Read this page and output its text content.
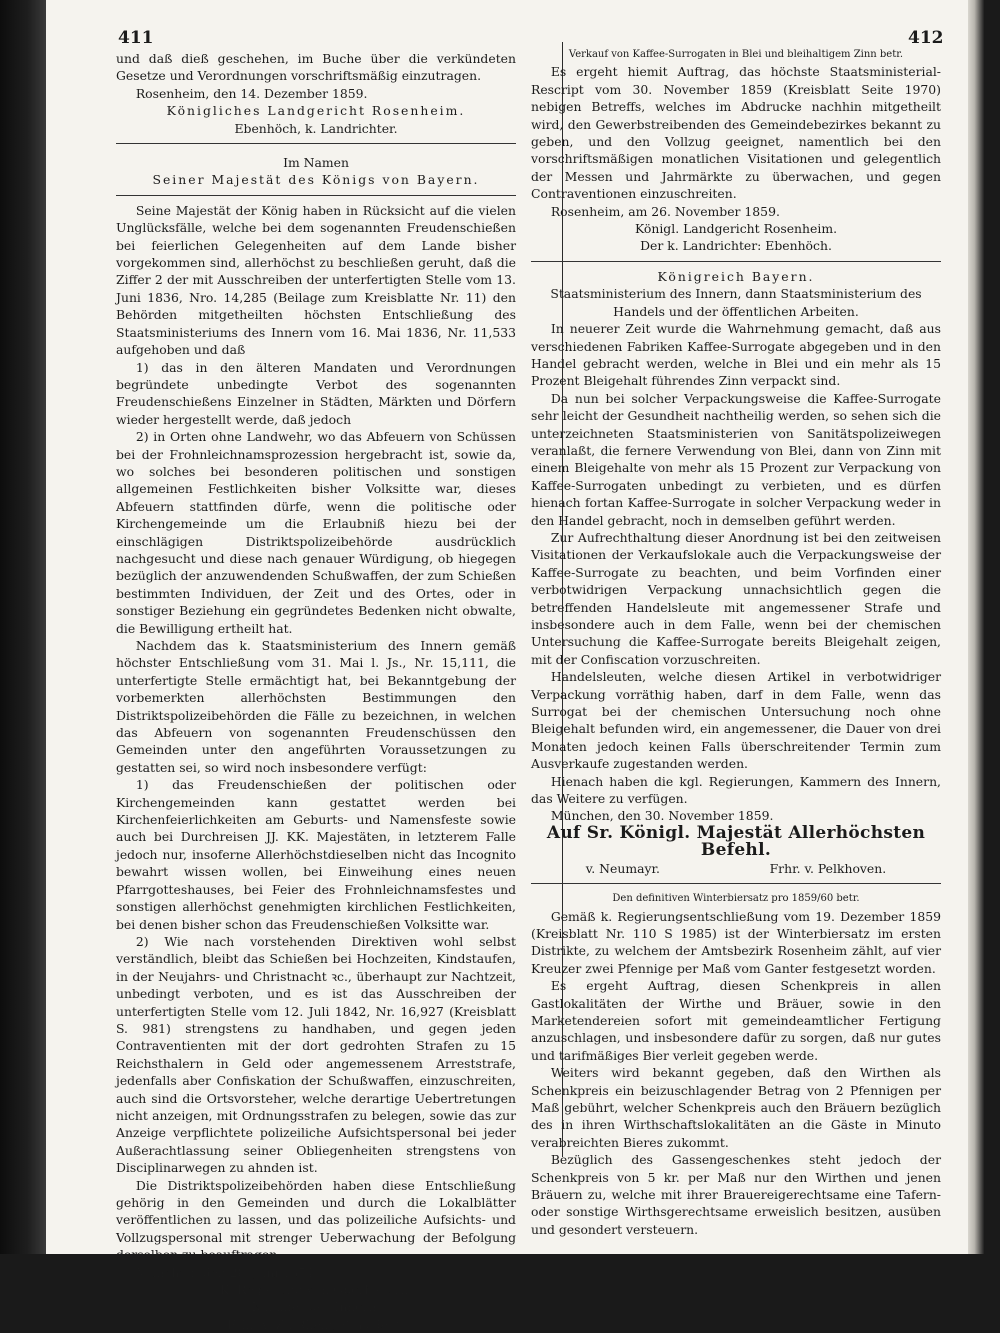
411	412

und daß dieß geschehen, im Buche über die verkündeten Gesetze und Verordnungen vorschriftsmäßig einzutragen.

Rosenheim, den 14. Dezember 1859.

Königliches Landgericht Rosenheim.

Ebenhöch, k. Landrichter.

Im Namen

Seiner Majestät des Königs von Bayern.

Seine Majestät der König haben in Rücksicht auf die vielen Unglücksfälle, welche bei dem sogenannten Freudenschießen bei feierlichen Gelegenheiten auf dem Lande bisher vorgekommen sind, allerhöchst zu beschließen geruht, daß die Ziffer 2 der mit Ausschreiben der unterfertigten Stelle vom 13. Juni 1836, Nro. 14,285 (Beilage zum Kreisblatte Nr. 11) den Behörden mitgetheilten höchsten Entschließung des Staatsministeriums des Innern vom 16. Mai 1836, Nr. 11,533 aufgehoben und daß

1) das in den älteren Mandaten und Verordnungen begründete unbedingte Verbot des sogenannten Freudenschießens Einzelner in Städten, Märkten und Dörfern wieder hergestellt werde, daß jedoch

2) in Orten ohne Landwehr, wo das Abfeuern von Schüssen bei der Frohnleichnamsprozession hergebracht ist, sowie da, wo solches bei besonderen politischen und sonstigen allgemeinen Festlichkeiten bisher Volksitte war, dieses Abfeuern stattfinden dürfe, wenn die politische oder Kirchengemeinde um die Erlaubniß hiezu bei der einschlägigen Distriktspolizeibehörde ausdrücklich nachgesucht und diese nach genauer Würdigung, ob hiegegen bezüglich der anzuwendenden Schußwaffen, der zum Schießen bestimmten Individuen, der Zeit und des Ortes, oder in sonstiger Beziehung ein gegründetes Bedenken nicht obwalte, die Bewilligung ertheilt hat.

Nachdem das k. Staatsministerium des Innern gemäß höchster Entschließung vom 31. Mai l. Js., Nr. 15,111, die unterfertigte Stelle ermächtigt hat, bei Bekanntgebung der vorbemerkten allerhöchsten Bestimmungen den Distriktspolizeibehörden die Fälle zu bezeichnen, in welchen das Abfeuern von sogenannten Freudenschüssen den Gemeinden unter den angeführten Voraussetzungen zu gestatten sei, so wird noch insbesondere verfügt:

1) das Freudenschießen der politischen oder Kirchengemeinden kann gestattet werden bei Kirchenfeierlichkeiten am Geburts- und Namensfeste sowie auch bei Durchreisen JJ. KK. Majestäten, in letzterem Falle jedoch nur, insoferne Allerhöchstdieselben nicht das Incognito bewahrt wissen wollen, bei Einweihung eines neuen Pfarrgotteshauses, bei Feier des Frohnleichnamsfestes und sonstigen allerhöchst genehmigten kirchlichen Festlichkeiten, bei denen bisher schon das Freudenschießen Volksitte war.

2) Wie nach vorstehenden Direktiven wohl selbst verständlich, bleibt das Schießen bei Hochzeiten, Kindstaufen, in der Neujahrs- und Christnacht ꝛc., überhaupt zur Nachtzeit, unbedingt verboten, und es ist das Ausschreiben der unterfertigten Stelle vom 12. Juli 1842, Nr. 16,927 (Kreisblatt S. 981) strengstens zu handhaben, und gegen jeden Contraventienten mit der dort gedrohten Strafen zu 15 Reichsthalern in Geld oder angemessenem Arreststrafe, jedenfalls aber Confiskation der Schußwaffen, einzuschreiten, auch sind die Ortsvorsteher, welche derartige Uebertretungen nicht anzeigen, mit Ordnungsstrafen zu belegen, sowie das zur Anzeige verpflichtete polizeiliche Aufsichtspersonal bei jeder Außerachtlassung seiner Obliegenheiten strengstens von Disciplinarwegen zu ahnden ist.

Die Distriktspolizeibehörden haben diese Entschließung gehörig in den Gemeinden und durch die Lokalblätter veröffentlichen zu lassen, und das polizeiliche Aufsichts- und Vollzugspersonal mit strenger Ueberwachung der Befolgung derselben zu beauftragen.

München, den 28. Juni 1854.

K. Regierung von Oberbayern,

Kammer des Innern.

Frhr. v. Zu-Rhein, Präsident.

Verkauf von Kaffee-Surrogaten in Blei und bleihaltigem Zinn betr.

Es ergeht hiemit Auftrag, das höchste Staatsministerial-Rescript vom 30. November 1859 (Kreisblatt Seite 1970) nebigen Betreffs, welches im Abdrucke nachhin mitgetheilt wird, den Gewerbstreibenden des Gemeindebezirkes bekannt zu geben, und den Vollzug geeignet, namentlich bei den vorschriftsmäßigen monatlichen Visitationen und gelegentlich der Messen und Jahrmärkte zu überwachen, und gegen Contraventionen einzuschreiten.

Rosenheim, am 26. November 1859.

Königl. Landgericht Rosenheim.

Der k. Landrichter: Ebenhöch.

Königreich Bayern.

Staatsministerium des Innern, dann Staatsministerium des Handels und der öffentlichen Arbeiten.

In neuerer Zeit wurde die Wahrnehmung gemacht, daß aus verschiedenen Fabriken Kaffee-Surrogate abgegeben und in den Handel gebracht werden, welche in Blei und ein mehr als 15 Prozent Bleigehalt führendes Zinn verpackt sind.

Da nun bei solcher Verpackungsweise die Kaffee-Surrogate sehr leicht der Gesundheit nachtheilig werden, so sehen sich die unterzeichneten Staatsministerien von Sanitätspolizeiwegen veranlaßt, die fernere Verwendung von Blei, dann von Zinn mit einem Bleigehalte von mehr als 15 Prozent zur Verpackung von Kaffee-Surrogaten unbedingt zu verbieten, und es dürfen hienach fortan Kaffee-Surrogate in solcher Verpackung weder in den Handel gebracht, noch in demselben geführt werden.

Zur Aufrechthaltung dieser Anordnung ist bei den zeitweisen Visitationen der Verkaufslokale auch die Verpackungsweise der Kaffee-Surrogate zu beachten, und beim Vorfinden einer verbotwidrigen Verpackung unnachsichtlich gegen die betreffenden Handelsleute mit angemessener Strafe und insbesondere auch in dem Falle, wenn bei der chemischen Untersuchung die Kaffee-Surrogate bereits Bleigehalt zeigen, mit der Confiscation vorzuschreiten.

Handelsleuten, welche diesen Artikel in verbotwidriger Verpackung vorräthig haben, darf in dem Falle, wenn das Surrogat bei der chemischen Untersuchung noch ohne Bleigehalt befunden wird, ein angemessener, die Dauer von drei Monaten jedoch keinen Falls überschreitender Termin zum Ausverkaufe zugestanden werden.

Hienach haben die kgl. Regierungen, Kammern des Innern, das Weitere zu verfügen.

München, den 30. November 1859.

Auf Sr. Königl. Majestät Allerhöchsten Befehl.

v. Neumayr.	Frhr. v. Pelkhoven.

Den definitiven Winterbiersatz pro 1859/60 betr.

Gemäß k. Regierungsentschließung vom 19. Dezember 1859 (Kreisblatt Nr. 110 S 1985) ist der Winterbiersatz im ersten Distrikte, zu welchem der Amtsbezirk Rosenheim zählt, auf vier Kreuzer zwei Pfennige per Maß vom Ganter festgesetzt worden.

Es ergeht Auftrag, diesen Schenkpreis in allen Gastlokalitäten der Wirthe und Bräuer, sowie in den Marketendereien sofort mit gemeindeamtlicher Fertigung anzuschlagen, und insbesondere dafür zu sorgen, daß nur gutes und tarifmäßiges Bier verleit gegeben werde.

Weiters wird bekannt gegeben, daß den Wirthen als Schenkpreis ein beizuschlagender Betrag von 2 Pfennigen per Maß gebührt, welcher Schenkpreis auch den Bräuern bezüglich des in ihren Wirthschaftslokalitäten an die Gäste in Minuto verabreichten Bieres zukommt.

Bezüglich des Gassengeschenkes steht jedoch der Schenkpreis von 5 kr. per Maß nur den Wirthen und jenen Bräuern zu, welche mit ihrer Brauereigerechtsame eine Tafern- oder sonstige Wirthsgerechtsame erweislich besitzen, ausüben und gesondert versteuern.
